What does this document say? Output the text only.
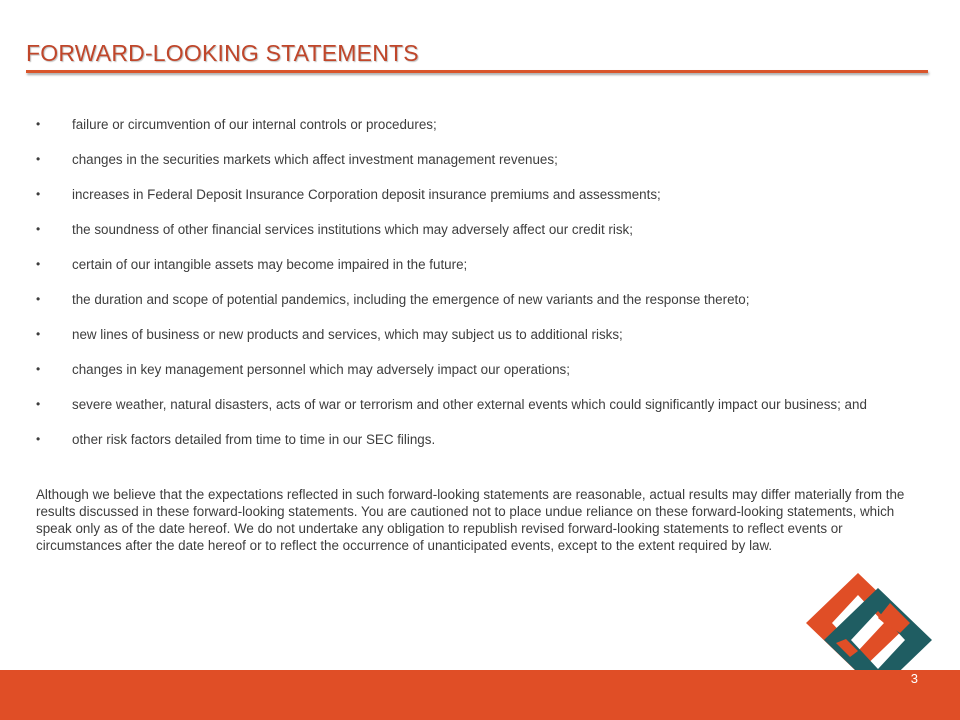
FORWARD-LOOKING STATEMENTS
• failure or circumvention of our internal controls or procedures;
• changes in the securities markets which affect investment management revenues;
• increases in Federal Deposit Insurance Corporation deposit insurance premiums and assessments;
• the soundness of other financial services institutions which may adversely affect our credit risk;
• certain of our intangible assets may become impaired in the future;
• the duration and scope of potential pandemics, including the emergence of new variants and the response thereto;
• new lines of business or new products and services, which may subject us to additional risks;
• changes in key management personnel which may adversely impact our operations;
• severe weather, natural disasters, acts of war or terrorism and other external events which could significantly impact our business; and
• other risk factors detailed from time to time in our SEC filings.

Although we believe that the expectations reflected in such forward-looking statements are reasonable, actual results may differ materially from the results discussed in these forward-looking statements. You are cautioned not to place undue reliance on these forward-looking statements, which speak only as of the date hereof. We do not undertake any obligation to republish revised forward-looking statements to reflect events or circumstances after the date hereof or to reflect the occurrence of unanticipated events, except to the extent required by law.

3
